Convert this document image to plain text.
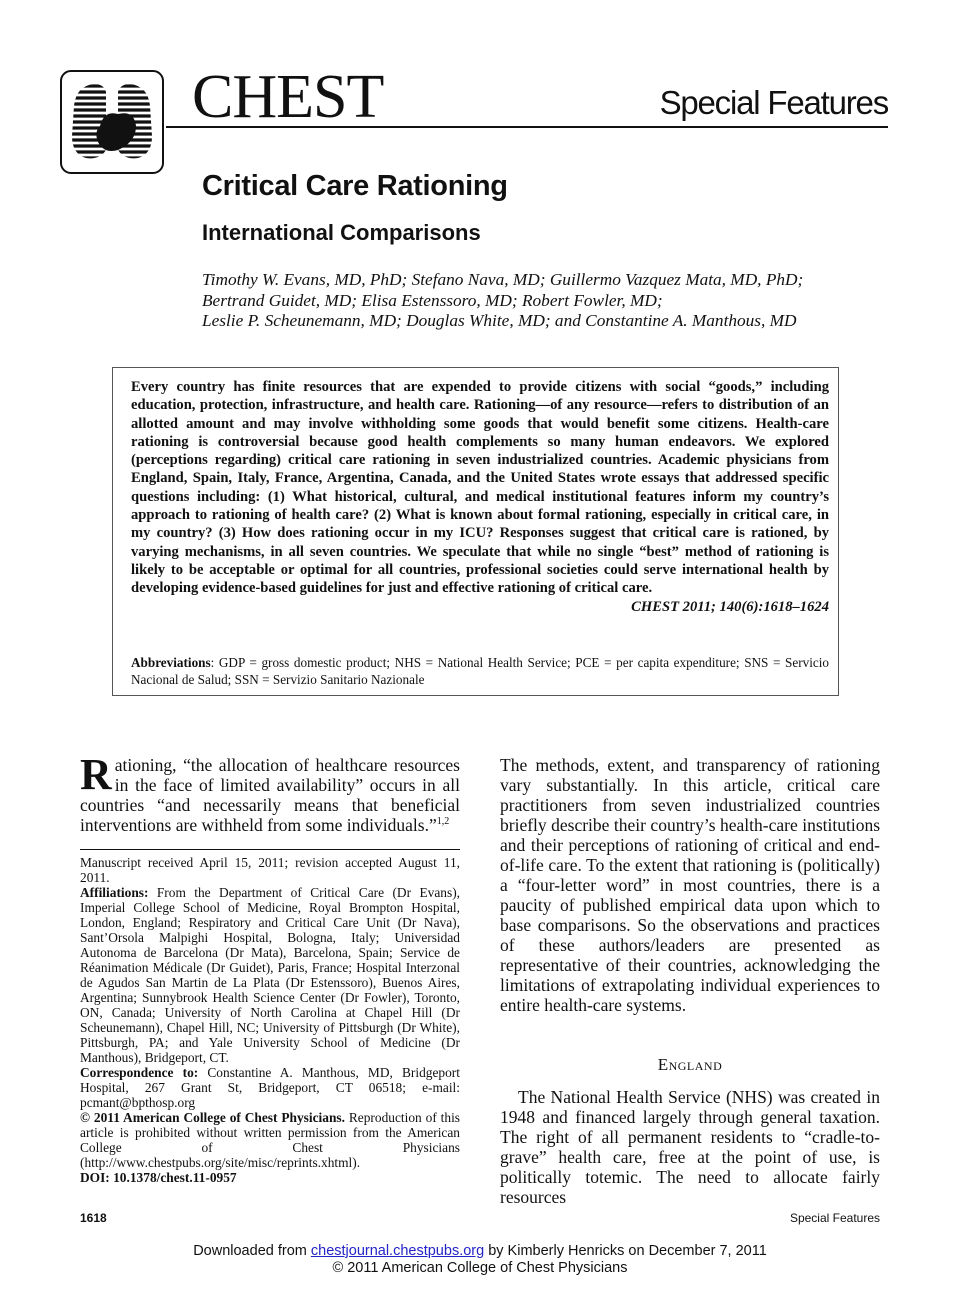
CHEST	Special Features
Critical Care Rationing
International Comparisons
Timothy W. Evans, MD, PhD; Stefano Nava, MD; Guillermo Vazquez Mata, MD, PhD;
Bertrand Guidet, MD; Elisa Estenssoro, MD; Robert Fowler, MD;
Leslie P. Scheunemann, MD; Douglas White, MD; and Constantine A. Manthous, MD

Every country has finite resources that are expended to provide citizens with social “goods,” including education, protection, infrastructure, and health care. Rationing—of any resource—refers to distribution of an allotted amount and may involve withholding some goods that would benefit some citizens. Health-care rationing is controversial because good health complements so many human endeavors. We explored (perceptions regarding) critical care rationing in seven industrialized countries. Academic physicians from England, Spain, Italy, France, Argentina, Canada, and the United States wrote essays that addressed specific questions including: (1) What historical, cultural, and medical institutional features inform my country’s approach to rationing of health care? (2) What is known about formal rationing, especially in critical care, in my country? (3) How does rationing occur in my ICU? Responses suggest that critical care is rationed, by varying mechanisms, in all seven countries. We speculate that while no single “best” method of rationing is likely to be acceptable or optimal for all countries, professional societies could serve international health by developing evidence-based guidelines for just and effective rationing of critical care.
CHEST 2011; 140(6):1618–1624

Abbreviations: GDP = gross domestic product; NHS = National Health Service; PCE = per capita expenditure; SNS = Servicio Nacional de Salud; SSN = Servizio Sanitario Nazionale

Rationing, “the allocation of healthcare resources in the face of limited availability” occurs in all countries “and necessarily means that beneficial interventions are withheld from some individuals.”$^{1,2}$

Manuscript received April 15, 2011; revision accepted August 11, 2011.

Affiliations: From the Department of Critical Care (Dr Evans), Imperial College School of Medicine, Royal Brompton Hospital, London, England; Respiratory and Critical Care Unit (Dr Nava), Sant’Orsola Malpighi Hospital, Bologna, Italy; Universidad Autonoma de Barcelona (Dr Mata), Barcelona, Spain; Service de Réanimation Médicale (Dr Guidet), Paris, France; Hospital Interzonal de Agudos San Martin de La Plata (Dr Estenssoro), Buenos Aires, Argentina; Sunnybrook Health Science Center (Dr Fowler), Toronto, ON, Canada; University of North Carolina at Chapel Hill (Dr Scheunemann), Chapel Hill, NC; University of Pittsburgh (Dr White), Pittsburgh, PA; and Yale University School of Medicine (Dr Manthous), Bridgeport, CT.

Correspondence to: Constantine A. Manthous, MD, Bridgeport Hospital, 267 Grant St, Bridgeport, CT 06518; e-mail: pcmant@bpthosp.org

© 2011 American College of Chest Physicians. Reproduction of this article is prohibited without written permission from the American College of Chest Physicians (http://www.chestpubs.org/site/misc/reprints.xhtml).

DOI: 10.1378/chest.11-0957

The methods, extent, and transparency of rationing vary substantially. In this article, critical care practitioners from seven industrialized countries briefly describe their country’s health-care institutions and their perceptions of rationing of critical and end-of-life care. To the extent that rationing is (politically) a “four-letter word” in most countries, there is a paucity of published empirical data upon which to base comparisons. So the observations and practices of these authors/leaders are presented as representative of their countries, acknowledging the limitations of extrapolating individual experiences to entire health-care systems.

England

The National Health Service (NHS) was created in 1948 and financed largely through general taxation. The right of all permanent residents to “cradle-to-grave” health care, free at the point of use, is politically totemic. The need to allocate fairly resources

1618	Special Features
Downloaded from chestjournal.chestpubs.org by Kimberly Henricks on December 7, 2011
© 2011 American College of Chest Physicians
